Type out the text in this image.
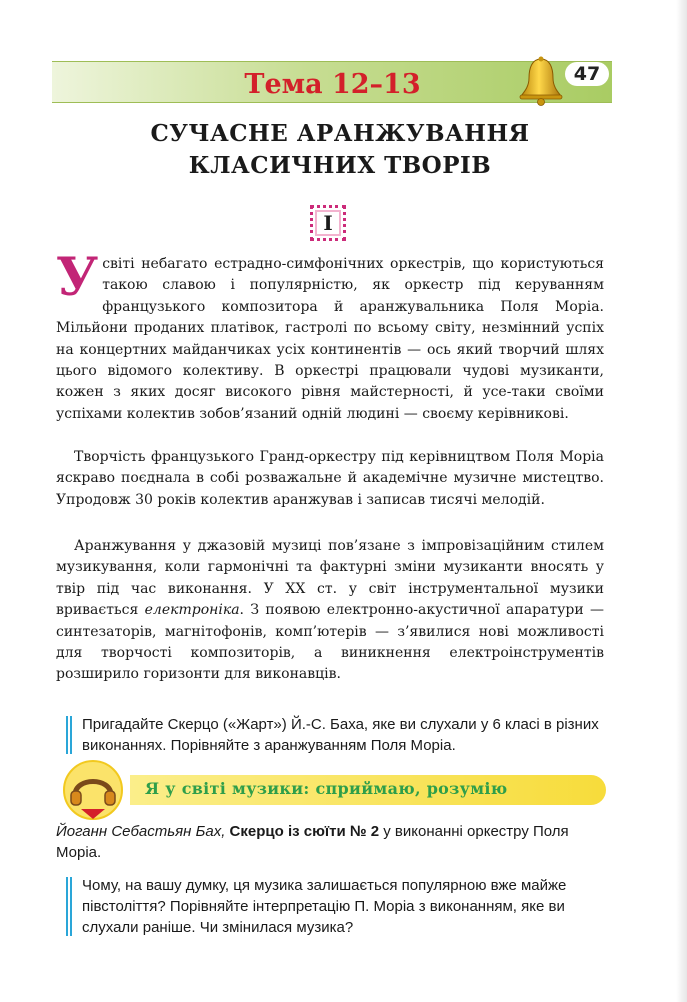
Тема 12–13	47
СУЧАСНЕ АРАНЖУВАННЯ КЛАСИЧНИХ ТВОРІВ
I

Усвіті небагато естрадно-симфонічних оркестрів, що користуються такою славою і популярністю, як оркестр під керуванням французького композитора й аранжувальника Поля Моріа. Мільйони проданих платівок, гастролі по всьому світу, незмінний успіх на концертних майданчиках усіх континентів — ось який творчий шлях цього відомого колективу. В оркестрі працювали чудові музиканти, кожен з яких досяг високого рівня майстерності, й усе-таки своїми успіхами колектив зобов’язаний одній людині — своєму керівникові.

Творчість французького Гранд-оркестру під керівництвом Поля Моріа яскраво поєднала в собі розважальне й академічне музичне мистецтво. Упродовж 30 років колектив аранжував і записав тисячі мелодій.

Аранжування у джазовій музиці пов’язане з імпровізаційним стилем музикування, коли гармонічні та фактурні зміни музиканти вносять у твір під час виконання. У XX ст. у світ інструментальної музики вривається електроніка. З появою електронно-акустичної апаратури — синтезаторів, магнітофонів, комп’ютерів — з’явилися нові можливості для творчості композиторів, а виникнення електроінструментів розширило горизонти для виконавців.

Пригадайте Скерцо («Жарт») Й.-С. Баха, яке ви слухали у 6 класі в різних виконаннях. Порівняйте з аранжуванням Поля Моріа.
Я у світі музики: сприймаю, розумію
Йоганн Себастьян Бах, Скерцо із сюїти № 2 у виконанні оркестру Поля Моріа.
Чому, на вашу думку, ця музика залишається популярною вже майже півстоліття? Порівняйте інтерпретацію П. Моріа з виконанням, яке ви слухали раніше. Чи змінилася музика?
